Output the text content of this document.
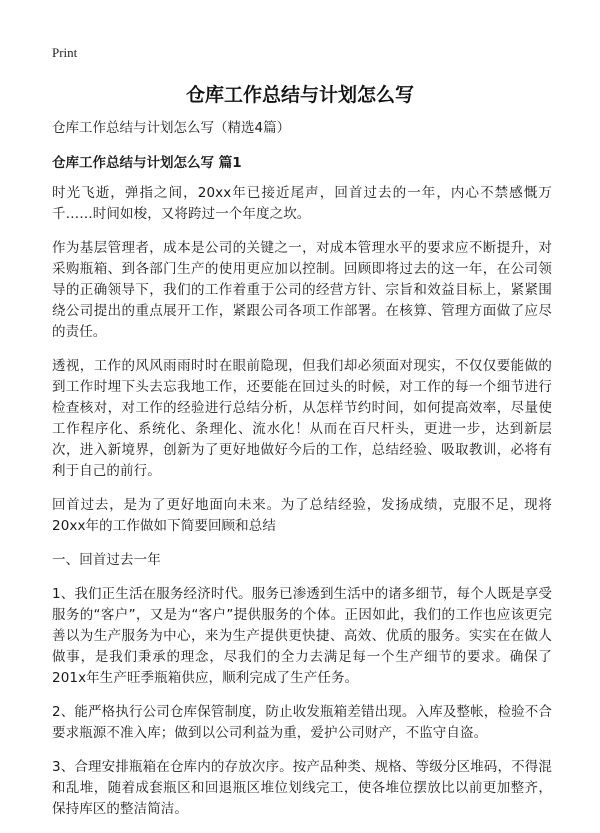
Print
仓库工作总结与计划怎么写
仓库工作总结与计划怎么写（精选4篇）
仓库工作总结与计划怎么写 篇1

时光飞逝，弹指之间，20xx年已接近尾声，回首过去的一年，内心不禁感慨万千……时间如梭，又将跨过一个年度之坎。

作为基层管理者，成本是公司的关键之一，对成本管理水平的要求应不断提升，对采购瓶箱、到各部门生产的使用更应加以控制。回顾即将过去的这一年，在公司领导的正确领导下，我们的工作着重于公司的经营方针、宗旨和效益目标上，紧紧围绕公司提出的重点展开工作，紧跟公司各项工作部署。在核算、管理方面做了应尽的责任。

透视，工作的风风雨雨时时在眼前隐现，但我们却必须面对现实，不仅仅要能做的到工作时埋下头去忘我地工作，还要能在回过头的时候，对工作的每一个细节进行检查核对，对工作的经验进行总结分析，从怎样节约时间，如何提高效率，尽量使工作程序化、系统化、条理化、流水化！从而在百尺杆头，更进一步，达到新层次，进入新境界，创新为了更好地做好今后的工作，总结经验、吸取教训，必将有利于自己的前行。

回首过去，是为了更好地面向未来。为了总结经验，发扬成绩，克服不足，现将20xx年的工作做如下简要回顾和总结

一、回首过去一年

1、我们正生活在服务经济时代。服务已渗透到生活中的诸多细节，每个人既是享受服务的“客户”，又是为“客户”提供服务的个体。正因如此，我们的工作也应该更完善以为生产服务为中心，来为生产提供更快捷、高效、优质的服务。实实在在做人做事，是我们秉承的理念，尽我们的全力去满足每一个生产细节的要求。确保了201x年生产旺季瓶箱供应，顺利完成了生产任务。

2、能严格执行公司仓库保管制度，防止收发瓶箱差错出现。入库及整帐，检验不合要求瓶源不准入库；做到以公司利益为重，爱护公司财产，不监守自盗。

3、合理安排瓶箱在仓库内的存放次序。按产品种类、规格、等级分区堆码，不得混和乱堆，随着成套瓶区和回退瓶区堆位划线完工，使各堆位摆放比以前更加整齐，保持库区的整洁简洁。
